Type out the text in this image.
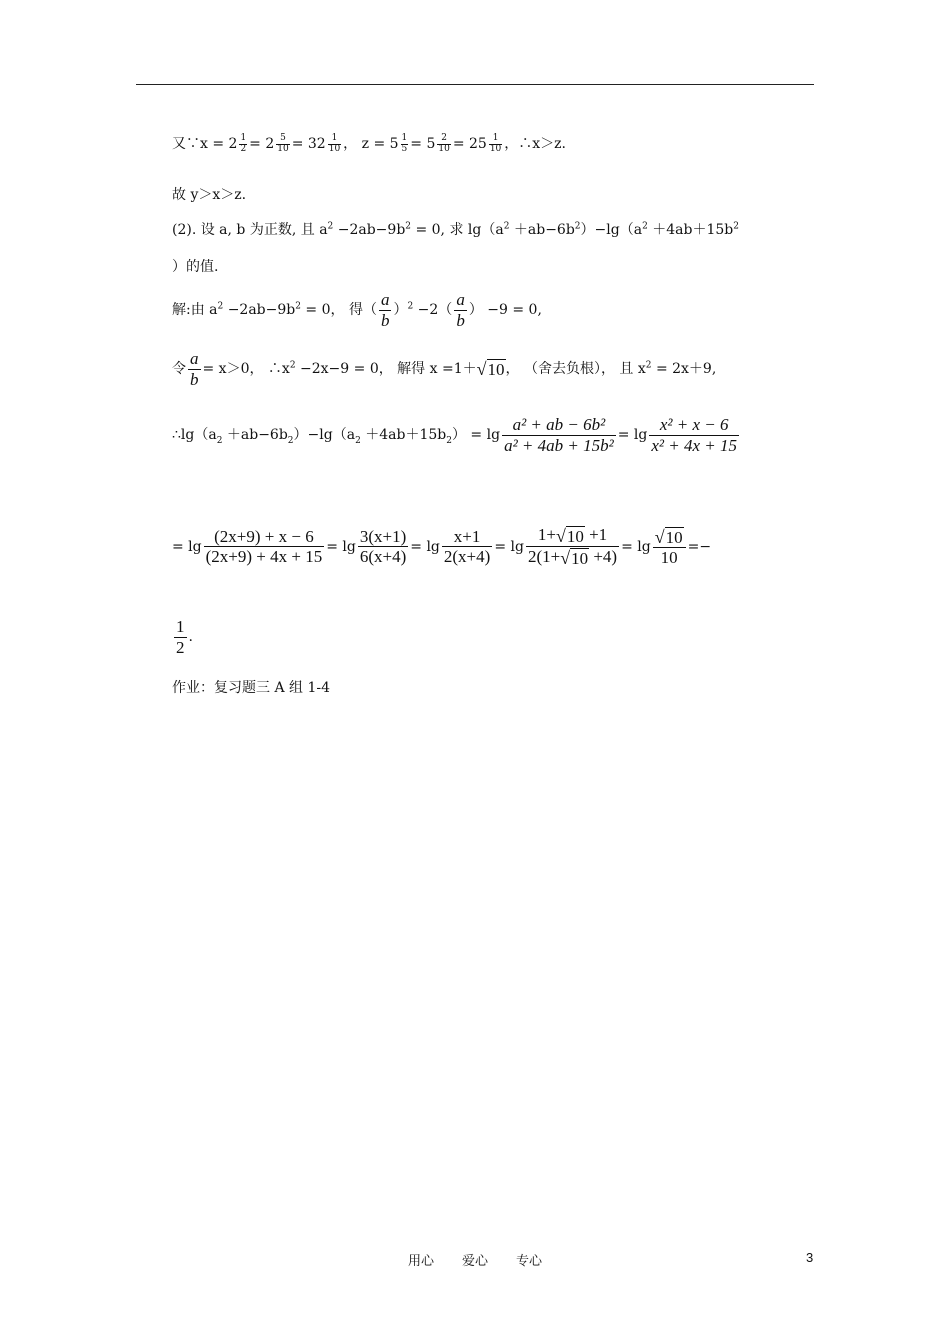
又∵x = $2 \frac{1}{2} = 2 \frac{5}{10} = 32 \frac{1}{10}$ ， $z = 5 \frac{1}{5} = 5 \frac{2}{10} = 25 \frac{1}{10}$ ，∴x＞z.
故 y＞x＞z.
(2). 设 a, b 为正数, 且 $a^2 -2ab-9b^2 = 0$, 求 $\lg(a^2 +ab-6b^2)-\lg(a^2 +4ab+15b^2$
）的值.
解:由 $a^2 -2ab-9b^2 = 0$， 得（ $\frac{a}{b} )^2 -2( \frac{a}{b}$ ） −9 = 0,
令 $\frac{a}{b} = x>0$， $\therefore x^2 -2x-9 = 0$， 解得 x =1＋√10， （舍去负根）， 且 $x^2 = 2x+9$,
$\therefore\lg(a_2 +ab-6b_2)-\lg(a_2 +4ab+15b_2) = \lg \frac{\text{a² + ab − 6b²}}{\text{a² + 4ab + 15b²}} = \lg \frac{\text{x² + x − 6}}{\text{x² + 4x + 15}}$
= $\lg \frac{(2x+9) + x - 6}{(2x+9) + 4x + 15} = \lg \frac{3(x+1)}{6(x+4)} = \lg \frac{x+1}{2(x+4)} = \lg \frac{1+√10 +1}{2(1+√10 +4)} = \lg \frac{√10}{10}$ =−
$\frac{1}{2}$ .
作业：复习题三 A 组 1-4
用心 爱心 专心	3
